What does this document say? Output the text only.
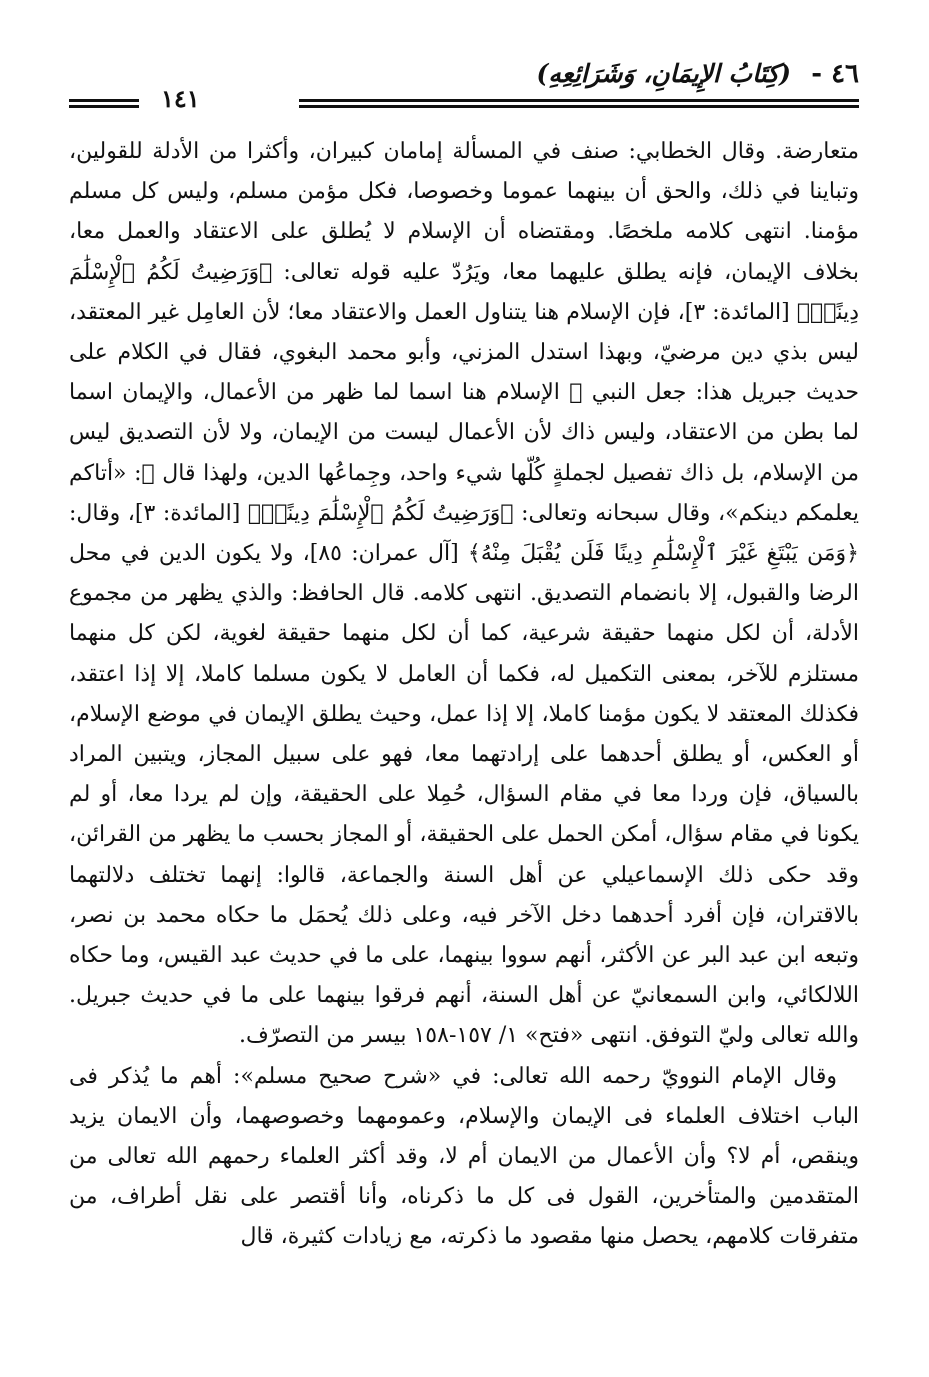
٤٦ -
(كِتَابُ الإِيمَانِ، وَشَرَائِعِهِ)
١٤١

متعارضة. وقال الخطابي: صنف في المسألة إمامان كبيران، وأكثرا من الأدلة للقولين، وتباينا في ذلك، والحق أن بينهما عموما وخصوصا، فكل مؤمن مسلم، وليس كل مسلم مؤمنا. انتهى كلامه ملخصًا. ومقتضاه أن الإسلام لا يُطلق على الاعتقاد والعمل معا، بخلاف الإيمان، فإنه يطلق عليهما معا، ويَرُدّ عليه قوله تعالى: ﴿وَرَضِيتُ لَكُمُ ٱلْإِسْلَٰمَ دِينًاۚ﴾ [المائدة: ٣]، فإن الإسلام هنا يتناول العمل والاعتقاد معا؛ لأن العامِل غير المعتقد، ليس بذي دين مرضيّ، وبهذا استدل المزني، وأبو محمد البغوي، فقال في الكلام على حديث جبريل هذا: جعل النبي ﷺ الإسلام هنا اسما لما ظهر من الأعمال، والإيمان اسما لما بطن من الاعتقاد، وليس ذاك لأن الأعمال ليست من الإيمان، ولا لأن التصديق ليس من الإسلام، بل ذاك تفصيل لجملةٍ كُلّها شيء واحد، وجِماعُها الدين، ولهذا قال ﷺ: «أتاكم يعلمكم دينكم»، وقال سبحانه وتعالى: ﴿وَرَضِيتُ لَكُمُ ٱلْإِسْلَٰمَ دِينًاۚ﴾ [المائدة: ٣]، وقال: ﴿وَمَن يَبْتَغِ غَيْرَ ٱلْإِسْلَٰمِ دِينًا فَلَن يُقْبَلَ مِنْهُ﴾ [آل عمران: ٨٥]، ولا يكون الدين في محل الرضا والقبول، إلا بانضمام التصديق. انتهى كلامه. قال الحافظ: والذي يظهر من مجموع الأدلة، أن لكل منهما حقيقة شرعية، كما أن لكل منهما حقيقة لغوية، لكن كل منهما مستلزم للآخر، بمعنى التكميل له، فكما أن العامل لا يكون مسلما كاملا، إلا إذا اعتقد، فكذلك المعتقد لا يكون مؤمنا كاملا، إلا إذا عمل، وحيث يطلق الإيمان في موضع الإسلام، أو العكس، أو يطلق أحدهما على إرادتهما معا، فهو على سبيل المجاز، ويتبين المراد بالسياق، فإن وردا معا في مقام السؤال، حُمِلا على الحقيقة، وإن لم يردا معا، أو لم يكونا في مقام سؤال، أمكن الحمل على الحقيقة، أو المجاز بحسب ما يظهر من القرائن، وقد حكى ذلك الإسماعيلي عن أهل السنة والجماعة، قالوا: إنهما تختلف دلالتهما بالاقتران، فإن أفرد أحدهما دخل الآخر فيه، وعلى ذلك يُحمَل ما حكاه محمد بن نصر، وتبعه ابن عبد البر عن الأكثر، أنهم سووا بينهما، على ما في حديث عبد القيس، وما حكاه اللالكائي، وابن السمعانيّ عن أهل السنة، أنهم فرقوا بينهما على ما في حديث جبريل. والله تعالى وليّ التوفق. انتهى «فتح» ١/ ١٥٧-١٥٨ بيسر من التصرّف.

وقال الإمام النوويّ رحمه الله تعالى: في «شرح صحيح مسلم»: أهم ما يُذكر فى الباب اختلاف العلماء فى الإيمان والإسلام، وعمومهما وخصوصهما، وأن الايمان يزيد وينقص، أم لا؟ وأن الأعمال من الايمان أم لا، وقد أكثر العلماء رحمهم الله تعالى من المتقدمين والمتأخرين، القول فى كل ما ذكرناه، وأنا أقتصر على نقل أطراف، من متفرقات كلامهم، يحصل منها مقصود ما ذكرته، مع زيادات كثيرة، قال
